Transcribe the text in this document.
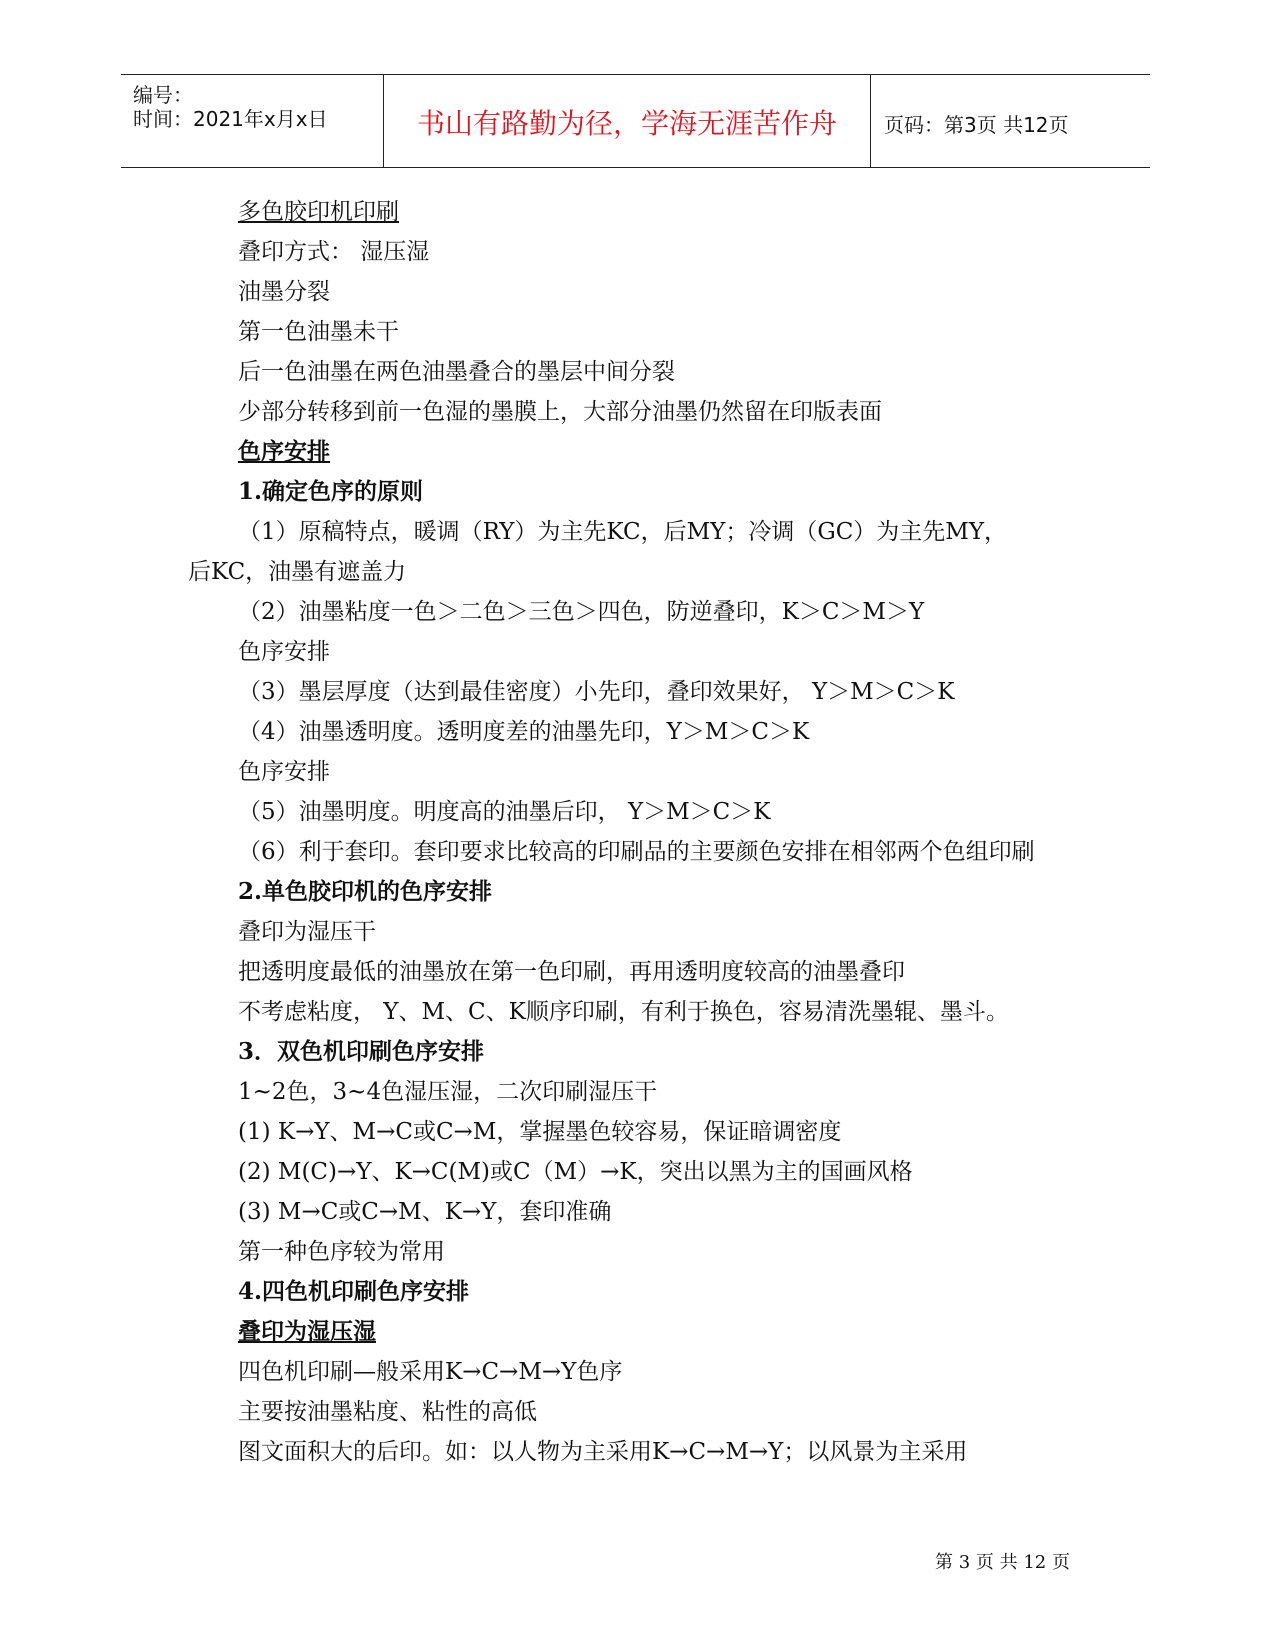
编号：
时间：2021年x月x日	书山有路勤为径，学海无涯苦作舟	页码：第3页 共12页
多色胶印机印刷
叠印方式： 湿压湿
油墨分裂
第一色油墨未干
后一色油墨在两色油墨叠合的墨层中间分裂
少部分转移到前一色湿的墨膜上，大部分油墨仍然留在印版表面
色序安排
1.确定色序的原则
（1）原稿特点，暖调（RY）为主先KC，后MY；冷调（GC）为主先MY，
后KC，油墨有遮盖力
（2）油墨粘度一色＞二色＞三色＞四色，防逆叠印，K＞C＞M＞Y
色序安排
（3）墨层厚度（达到最佳密度）小先印，叠印效果好， Y＞M＞C＞K
（4）油墨透明度。透明度差的油墨先印，Y＞M＞C＞K
色序安排
（5）油墨明度。明度高的油墨后印， Y＞M＞C＞K
（6）利于套印。套印要求比较高的印刷品的主要颜色安排在相邻两个色组印刷
2.单色胶印机的色序安排
叠印为湿压干
把透明度最低的油墨放在第一色印刷，再用透明度较高的油墨叠印
不考虑粘度， Y、M、C、K顺序印刷，有利于换色，容易清洗墨辊、墨斗。
3．双色机印刷色序安排
1~2色，3~4色湿压湿，二次印刷湿压干
(1) K→Y、M→C或C→M，掌握墨色较容易，保证暗调密度
(2) M(C)→Y、K→C(M)或C（M）→K，突出以黑为主的国画风格
(3) M→C或C→M、K→Y，套印准确
第一种色序较为常用
4.四色机印刷色序安排
叠印为湿压湿
四色机印刷—般采用K→C→M→Y色序
主要按油墨粘度、粘性的高低
图文面积大的后印。如：以人物为主采用K→C→M→Y；以风景为主采用
第 3 页 共 12 页
